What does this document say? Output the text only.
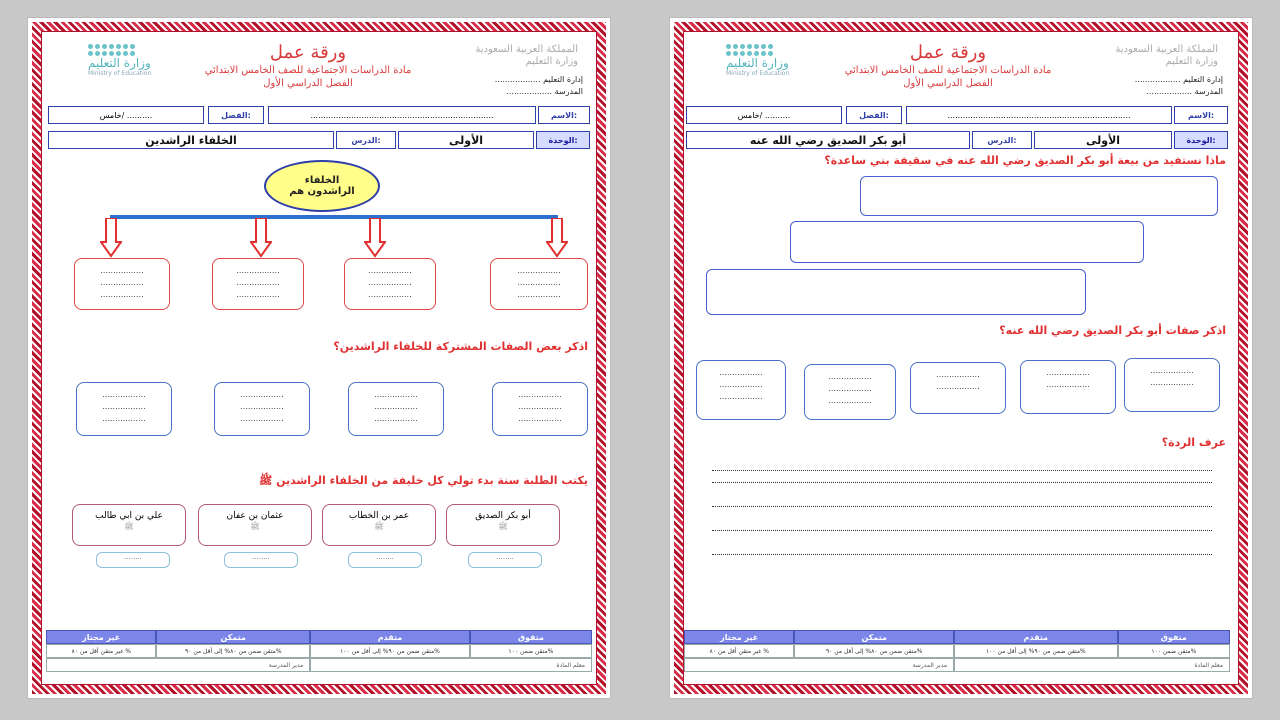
وزارة التعليم
Ministry of Education
ورقة عمل
مادة الدراسات الاجتماعية للصف الخامس الابتدائي
الفصل الدراسي الأول
المملكة العربية السعودية
وزارة التعليم
.................. إدارة التعليم
.................. المدرسة
خامس/ ..........	الفصل:	........................................................................	الاسم:
الخلفاء الراشدين	الدرس:	الأولى	الوحدة:
الخلفاء الراشدون هم
.................
.................
.................
.................
.................
.................
.................
.................
.................
.................
.................
.................
اذكر بعض الصفات المشتركة للخلفاء الراشدين؟
.................
.................
.................
.................
.................
.................
.................
.................
.................
.................
.................
.................
يكتب الطلبة سنة بدء تولي كل خليفة من الخلفاء الراشدين ﷺ
علي بن ابي طالب
ﷺ
........
عثمان بن عفان
ﷺ
........
عمر بن الخطاب
ﷺ
........
أبو بكر الصديق
ﷺ
........
غير مجتاز	متمكن	متقدم	متفوق
غير متقن أقل من ٨٠ %	متقن ضمن من ٨٠% إلى أقل من ٩٠%	متقن ضمن من ٩٠% إلى أقل من ١٠٠%	متقن ضمن ١٠٠%
مدير المدرسة	معلم المادة
وزارة التعليم
Ministry of Education
ورقة عمل
مادة الدراسات الاجتماعية للصف الخامس الابتدائي
الفصل الدراسي الأول
المملكة العربية السعودية
وزارة التعليم
.................. إدارة التعليم
.................. المدرسة
خامس/ ..........	الفصل:	........................................................................	الاسم:
أبو بكر الصديق رضي الله عنه	الدرس:	الأولى	الوحدة:
ماذا نستفيد من بيعة أبو بكر الصديق رضي الله عنه في سقيفة بني ساعدة؟
اذكر صفات أبو بكر الصديق رضي الله عنه؟
.................
.................
.................
.................
.................
.................
.................
.................
.................
.................
.................
.................
عرف الردة؟
غير مجتاز	متمكن	متقدم	متفوق
غير متقن أقل من ٨٠ %	متقن ضمن من ٨٠% إلى أقل من ٩٠%	متقن ضمن من ٩٠% إلى أقل من ١٠٠%	متقن ضمن ١٠٠%
مدير المدرسة	معلم المادة
